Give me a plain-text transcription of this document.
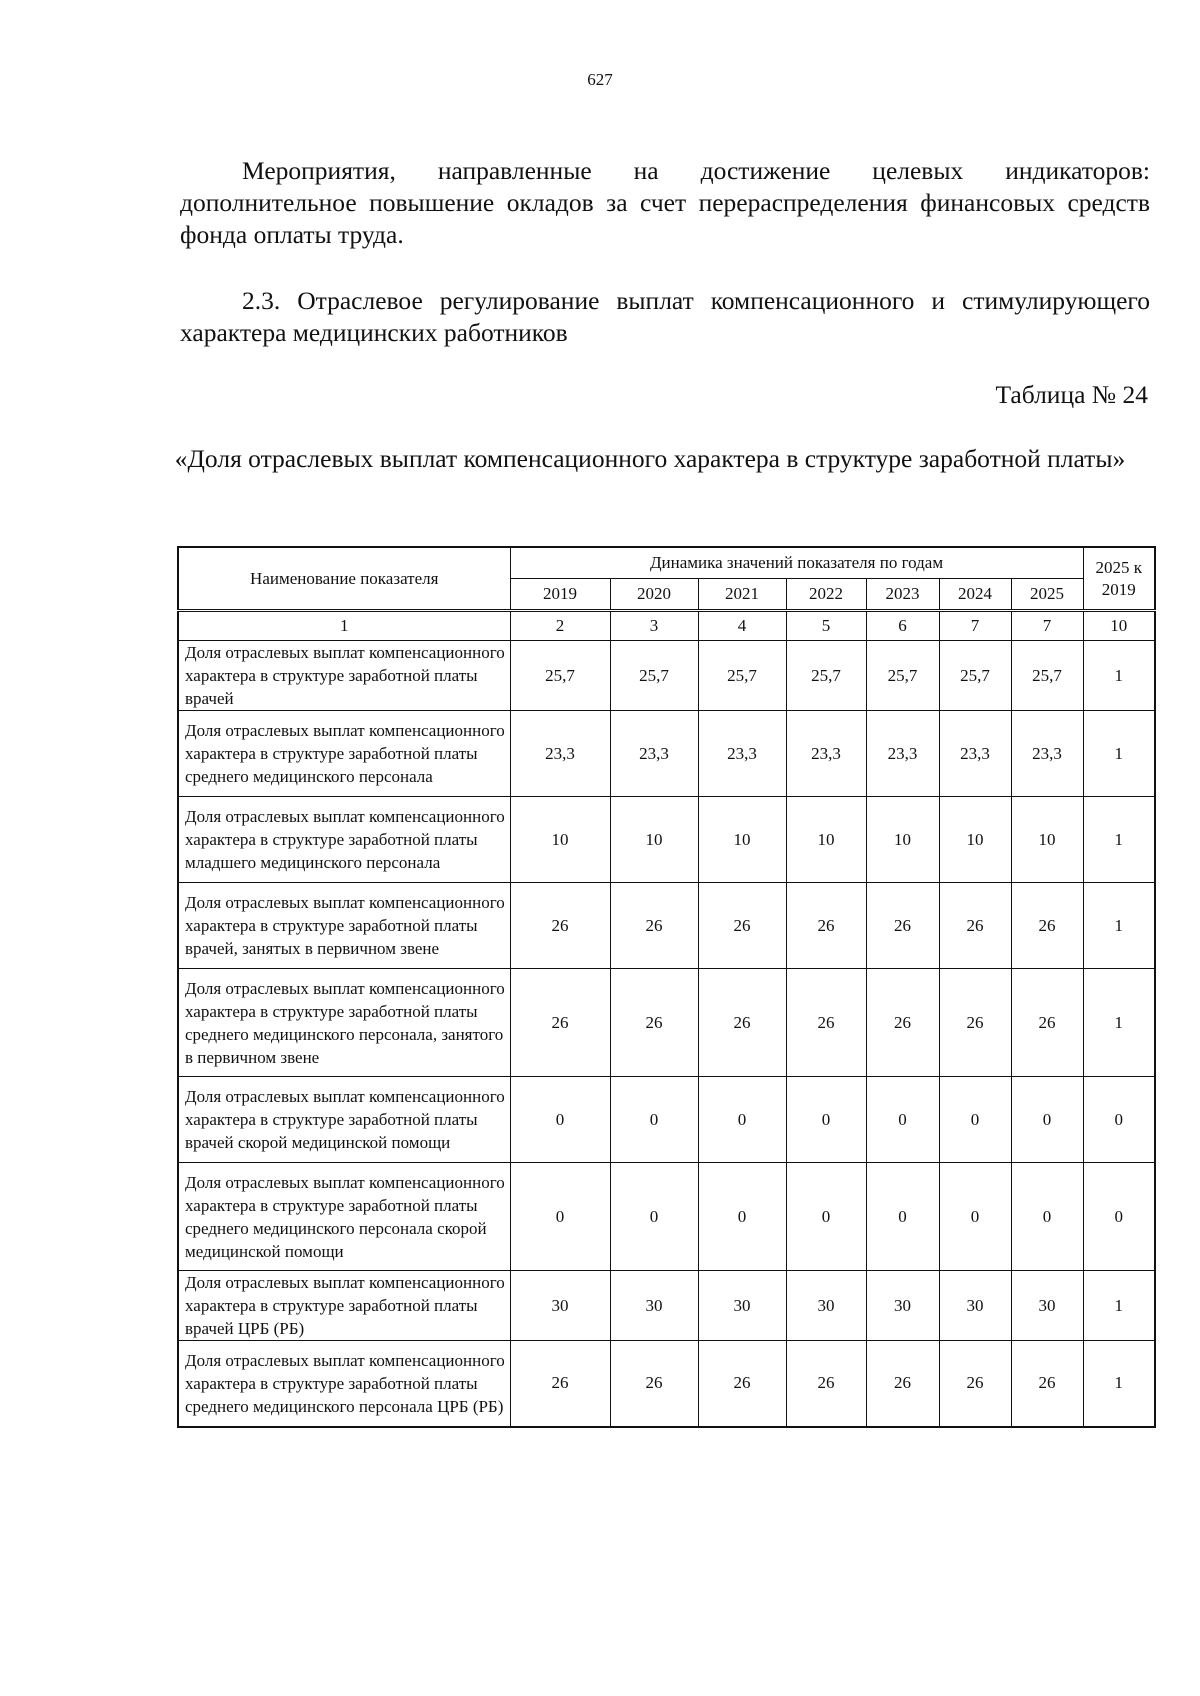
627

Мероприятия, направленные на достижение целевых индикаторов: дополнительное повышение окладов за счет перераспределения финансовых средств фонда оплаты труда.

2.3. Отраслевое регулирование выплат компенсационного и стимулирующего характера медицинских работников

Таблица № 24

«Доля отраслевых выплат компенсационного характера в структуре заработной платы»

Наименование показателя	Динамика значений показателя по годам							2025 к 2019
	2019	2020	2021	2022	2023	2024	2025	
1	2	3	4	5	6	7	7	10
Доля отраслевых выплат компенсационного характера в структуре заработной платы врачей	25,7	25,7	25,7	25,7	25,7	25,7	25,7	1
Доля отраслевых выплат компенсационного характера в структуре заработной платы среднего медицинского персонала	23,3	23,3	23,3	23,3	23,3	23,3	23,3	1
Доля отраслевых выплат компенсационного характера в структуре заработной платы младшего медицинского персонала	10	10	10	10	10	10	10	1
Доля отраслевых выплат компенсационного характера в структуре заработной платы врачей, занятых в первичном звене	26	26	26	26	26	26	26	1
Доля отраслевых выплат компенсационного характера в структуре заработной платы среднего медицинского персонала, занятого в первичном звене	26	26	26	26	26	26	26	1
Доля отраслевых выплат компенсационного характера в структуре заработной платы врачей скорой медицинской помощи	0	0	0	0	0	0	0	0
Доля отраслевых выплат компенсационного характера в структуре заработной платы среднего медицинского персонала скорой медицинской помощи	0	0	0	0	0	0	0	0
Доля отраслевых выплат компенсационного характера в структуре заработной платы врачей ЦРБ (РБ)	30	30	30	30	30	30	30	1
Доля отраслевых выплат компенсационного характера в структуре заработной платы среднего медицинского персонала ЦРБ (РБ)	26	26	26	26	26	26	26	1
